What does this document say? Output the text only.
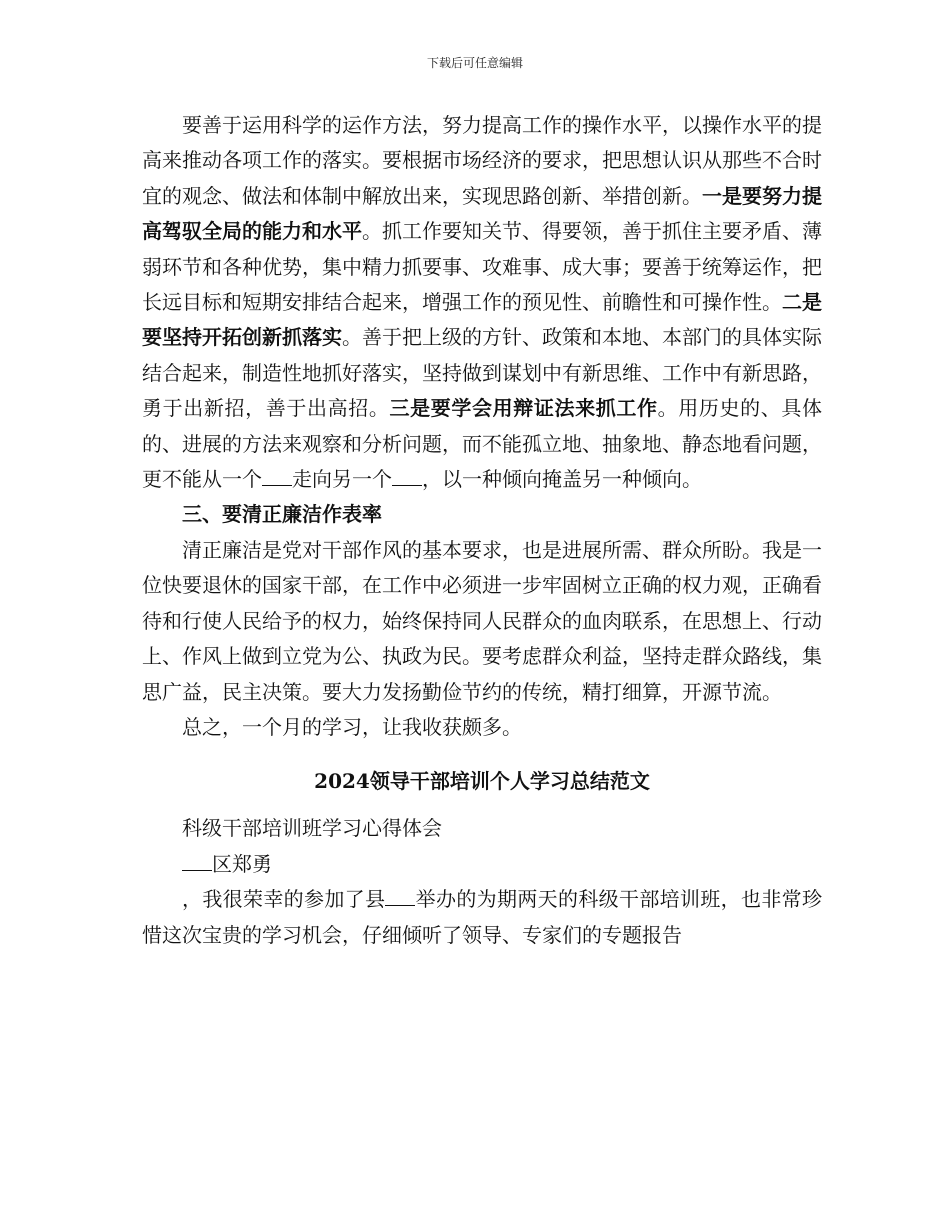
下载后可任意编辑

要善于运用科学的运作方法，努力提高工作的操作水平，以操作水平的提高来推动各项工作的落实。要根据市场经济的要求，把思想认识从那些不合时宜的观念、做法和体制中解放出来，实现思路创新、举措创新。一是要努力提高驾驭全局的能力和水平。抓工作要知关节、得要领，善于抓住主要矛盾、薄弱环节和各种优势，集中精力抓要事、攻难事、成大事；要善于统筹运作，把长远目标和短期安排结合起来，增强工作的预见性、前瞻性和可操作性。二是要坚持开拓创新抓落实。善于把上级的方针、政策和本地、本部门的具体实际结合起来，制造性地抓好落实，坚持做到谋划中有新思维、工作中有新思路，勇于出新招，善于出高招。三是要学会用辩证法来抓工作。用历史的、具体的、进展的方法来观察和分析问题，而不能孤立地、抽象地、静态地看问题，更不能从一个 走向另一个 ，以一种倾向掩盖另一种倾向。

三、要清正廉洁作表率

清正廉洁是党对干部作风的基本要求，也是进展所需、群众所盼。我是一位快要退休的国家干部，在工作中必须进一步牢固树立正确的权力观，正确看待和行使人民给予的权力，始终保持同人民群众的血肉联系，在思想上、行动上、作风上做到立党为公、执政为民。要考虑群众利益，坚持走群众路线，集思广益，民主决策。要大力发扬勤俭节约的传统，精打细算，开源节流。

总之，一个月的学习，让我收获颇多。

2024领导干部培训个人学习总结范文

科级干部培训班学习心得体会

区郑勇

，我很荣幸的参加了县 举办的为期两天的科级干部培训班，也非常珍惜这次宝贵的学习机会，仔细倾听了领导、专家们的专题报告
